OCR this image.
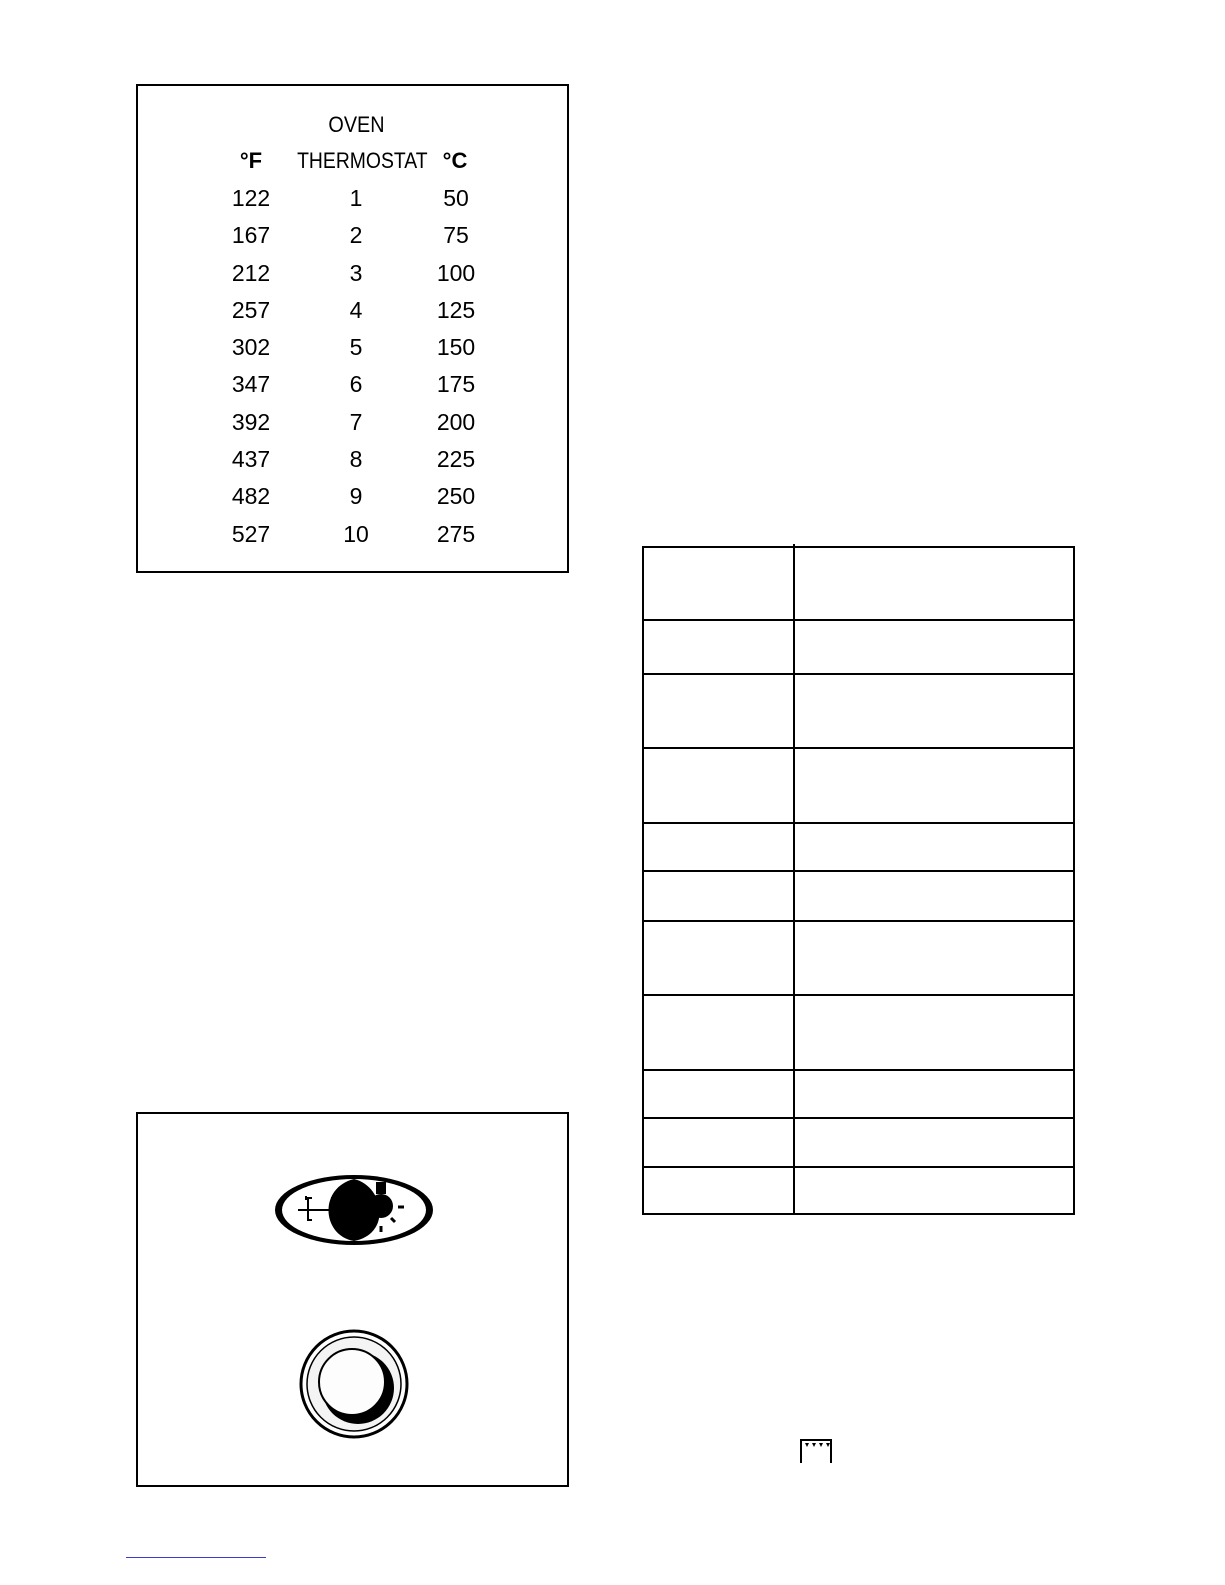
OVEN
°F	THERMOSTAT °C
122	1	50
167	2	75
212	3	100
257	4	125
302	5	150
347	6	175
392	7	200
437	8	225
482	9	250
527	10	275
